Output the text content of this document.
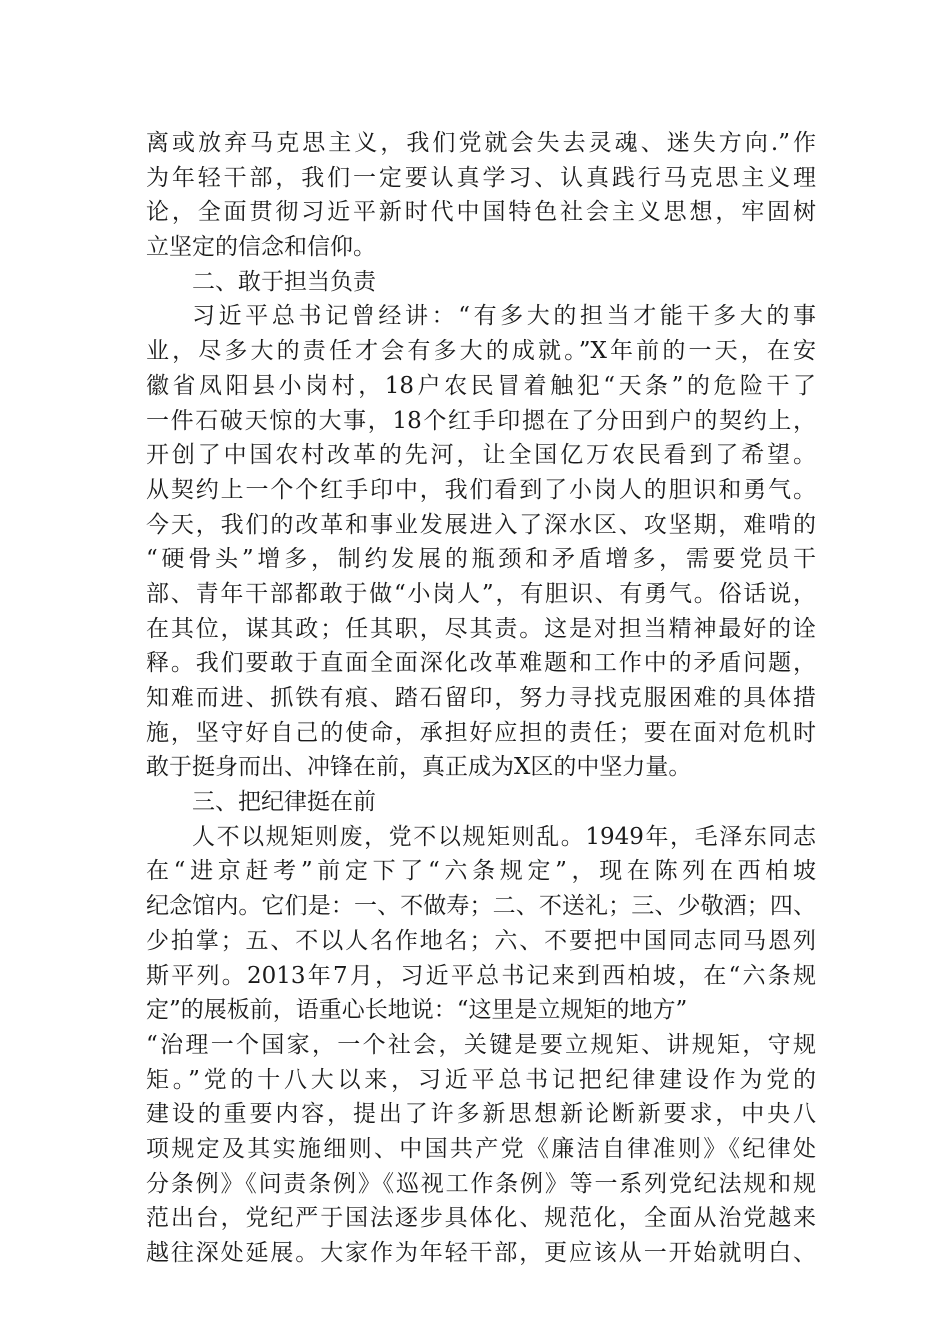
离或放弃马克思主义，我们党就会失去灵魂、迷失方向.”作
为年轻干部，我们一定要认真学习、认真践行马克思主义理
论，全面贯彻习近平新时代中国特色社会主义思想，牢固树
立坚定的信念和信仰。
二、敢于担当负责
习近平总书记曾经讲：“有多大的担当才能干多大的事
业，尽多大的责任才会有多大的成就。”X年前的一天，在安
徽省凤阳县小岗村，18户农民冒着触犯“天条”的危险干了
一件石破天惊的大事，18个红手印摁在了分田到户的契约上，
开创了中国农村改革的先河，让全国亿万农民看到了希望。
从契约上一个个红手印中，我们看到了小岗人的胆识和勇气。
今天，我们的改革和事业发展进入了深水区、攻坚期，难啃的
“硬骨头”增多，制约发展的瓶颈和矛盾增多，需要党员干
部、青年干部都敢于做“小岗人”，有胆识、有勇气。俗话说，
在其位，谋其政；任其职，尽其责。这是对担当精神最好的诠
释。我们要敢于直面全面深化改革难题和工作中的矛盾问题，
知难而进、抓铁有痕、踏石留印，努力寻找克服困难的具体措
施，坚守好自己的使命，承担好应担的责任；要在面对危机时
敢于挺身而出、冲锋在前，真正成为X区的中坚力量。
三、把纪律挺在前
人不以规矩则废，党不以规矩则乱。1949年，毛泽东同志
在“进京赶考”前定下了“六条规定”，现在陈列在西柏坡
纪念馆内。它们是：一、不做寿；二、不送礼；三、少敬酒；四、
少拍掌；五、不以人名作地名；六、不要把中国同志同马恩列
斯平列。2013年7月，习近平总书记来到西柏坡，在“六条规
定”的展板前，语重心长地说：“这里是立规矩的地方”
“治理一个国家，一个社会，关键是要立规矩、讲规矩，守规
矩。”党的十八大以来，习近平总书记把纪律建设作为党的
建设的重要内容，提出了许多新思想新论断新要求，中央八
项规定及其实施细则、中国共产党《廉洁自律准则》《纪律处
分条例》《问责条例》《巡视工作条例》等一系列党纪法规和规
范出台，党纪严于国法逐步具体化、规范化，全面从治党越来
越往深处延展。大家作为年轻干部，更应该从一开始就明白、
